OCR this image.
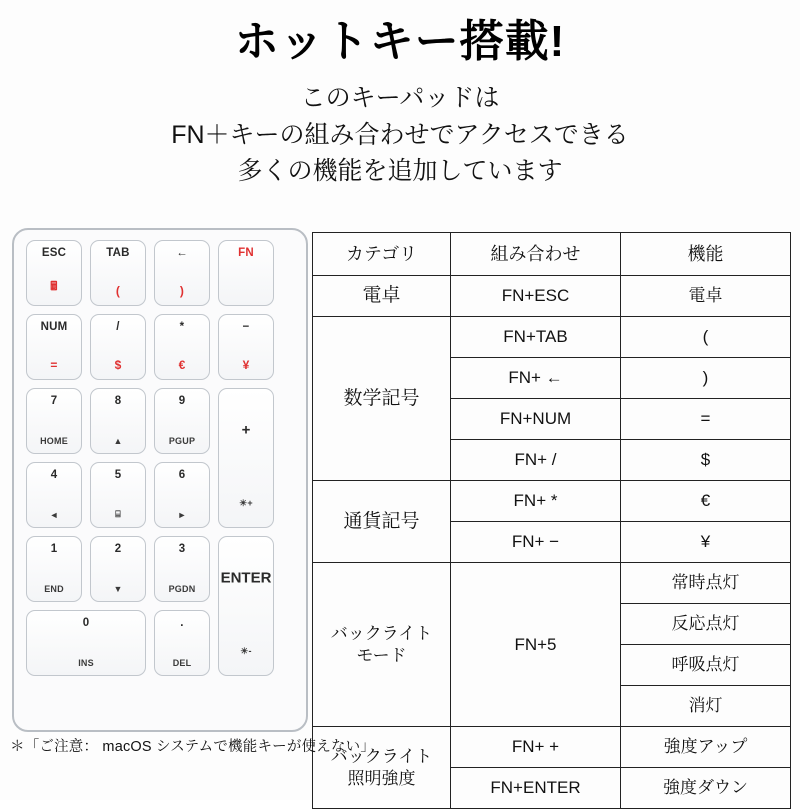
ホットキー搭載!
このキーパッドは
FN＋キーの組み合わせでアクセスできる
多くの機能を追加しています
ESC
🖩
TAB
(
←
)
FN
NUM
=
/
$
*
€
−
¥
7
HOME
8
▲
9
PGUP
+
☀+
4
◄
5
⌸
6
►
1
END
2
▼
3
PGDN
ENTER
☀-
0
INS
.
DEL
カテゴリ	組み合わせ	機能
電卓	FN+ESC	電卓
数学記号	FN+TAB	(
	FN+ ←	)
	FN+NUM	=
	FN+ /	$
通貨記号	FN+ *	€
	FN+ −	¥
バックライト
モード	FN+5	常時点灯
		反応点灯
		呼吸点灯
		消灯
バックライト
照明強度	FN+ +	強度アップ
	FN+ENTER	強度ダウン
＊「ご注意： macOS システムで機能キーが使えない」
